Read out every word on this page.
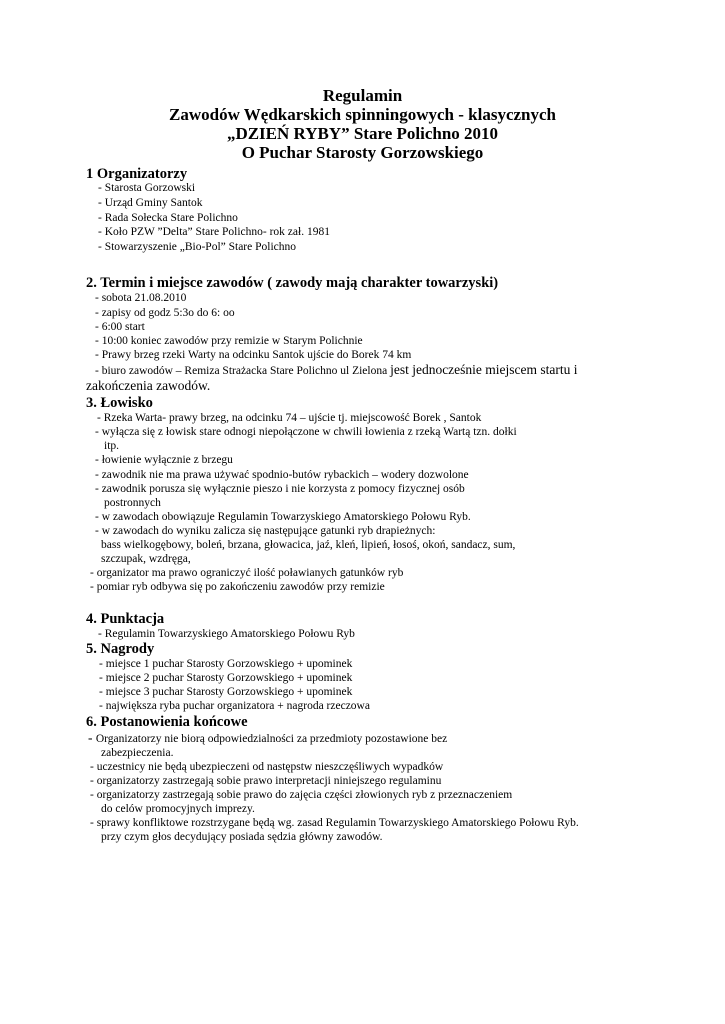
Regulamin
Zawodów Wędkarskich spinningowych - klasycznych
„DZIEŃ RYBY” Stare Polichno 2010
O Puchar Starosty Gorzowskiego
1 Organizatorzy
- Starosta Gorzowski
- Urząd Gminy Santok
- Rada Sołecka Stare Polichno
- Koło PZW ”Delta” Stare Polichno- rok zał. 1981
- Stowarzyszenie „Bio-Pol” Stare Polichno
2. Termin i miejsce zawodów ( zawody mają charakter towarzyski)
- sobota 21.08.2010
- zapisy od godz 5:3o do 6: oo
- 6:00 start
- 10:00 koniec zawodów przy remizie w Starym Polichnie
- Prawy brzeg rzeki Warty na odcinku Santok ujście do Borek 74 km
- biuro zawodów – Remiza Strażacka Stare Polichno ul Zielona jest jednocześnie miejscem startu i
zakończenia zawodów.
3. Łowisko
- Rzeka Warta- prawy brzeg, na odcinku 74 – ujście tj. miejscowość Borek , Santok
- wyłącza się z łowisk stare odnogi niepołączone w chwili łowienia z rzeką Wartą tzn. dołki
itp.
- łowienie wyłącznie z brzegu
- zawodnik nie ma prawa używać spodnio-butów rybackich – wodery dozwolone
- zawodnik porusza się wyłącznie pieszo i nie korzysta z pomocy fizycznej osób
postronnych
- w zawodach obowiązuje Regulamin Towarzyskiego Amatorskiego Połowu Ryb.
- w zawodach do wyniku zalicza się następujące gatunki ryb drapieżnych:
bass wielkogębowy, boleń, brzana, głowacica, jaź, kleń, lipień, łosoś, okoń, sandacz, sum,
szczupak, wzdręga,
- organizator ma prawo ograniczyć ilość poławianych gatunków ryb
- pomiar ryb odbywa się po zakończeniu zawodów przy remizie
4. Punktacja
- Regulamin Towarzyskiego Amatorskiego Połowu Ryb
5. Nagrody
- miejsce 1 puchar Starosty Gorzowskiego + upominek
- miejsce 2 puchar Starosty Gorzowskiego + upominek
- miejsce 3 puchar Starosty Gorzowskiego + upominek
- największa ryba puchar organizatora + nagroda rzeczowa
6. Postanowienia końcowe
- Organizatorzy nie biorą odpowiedzialności za przedmioty pozostawione bez
zabezpieczenia.
- uczestnicy nie będą ubezpieczeni od następstw nieszczęśliwych wypadków
- organizatorzy zastrzegają sobie prawo interpretacji niniejszego regulaminu
- organizatorzy zastrzegają sobie prawo do zajęcia części złowionych ryb z przeznaczeniem
do celów promocyjnych imprezy.
- sprawy konfliktowe rozstrzygane będą wg. zasad Regulamin Towarzyskiego Amatorskiego Połowu Ryb.
przy czym głos decydujący posiada sędzia główny zawodów.
